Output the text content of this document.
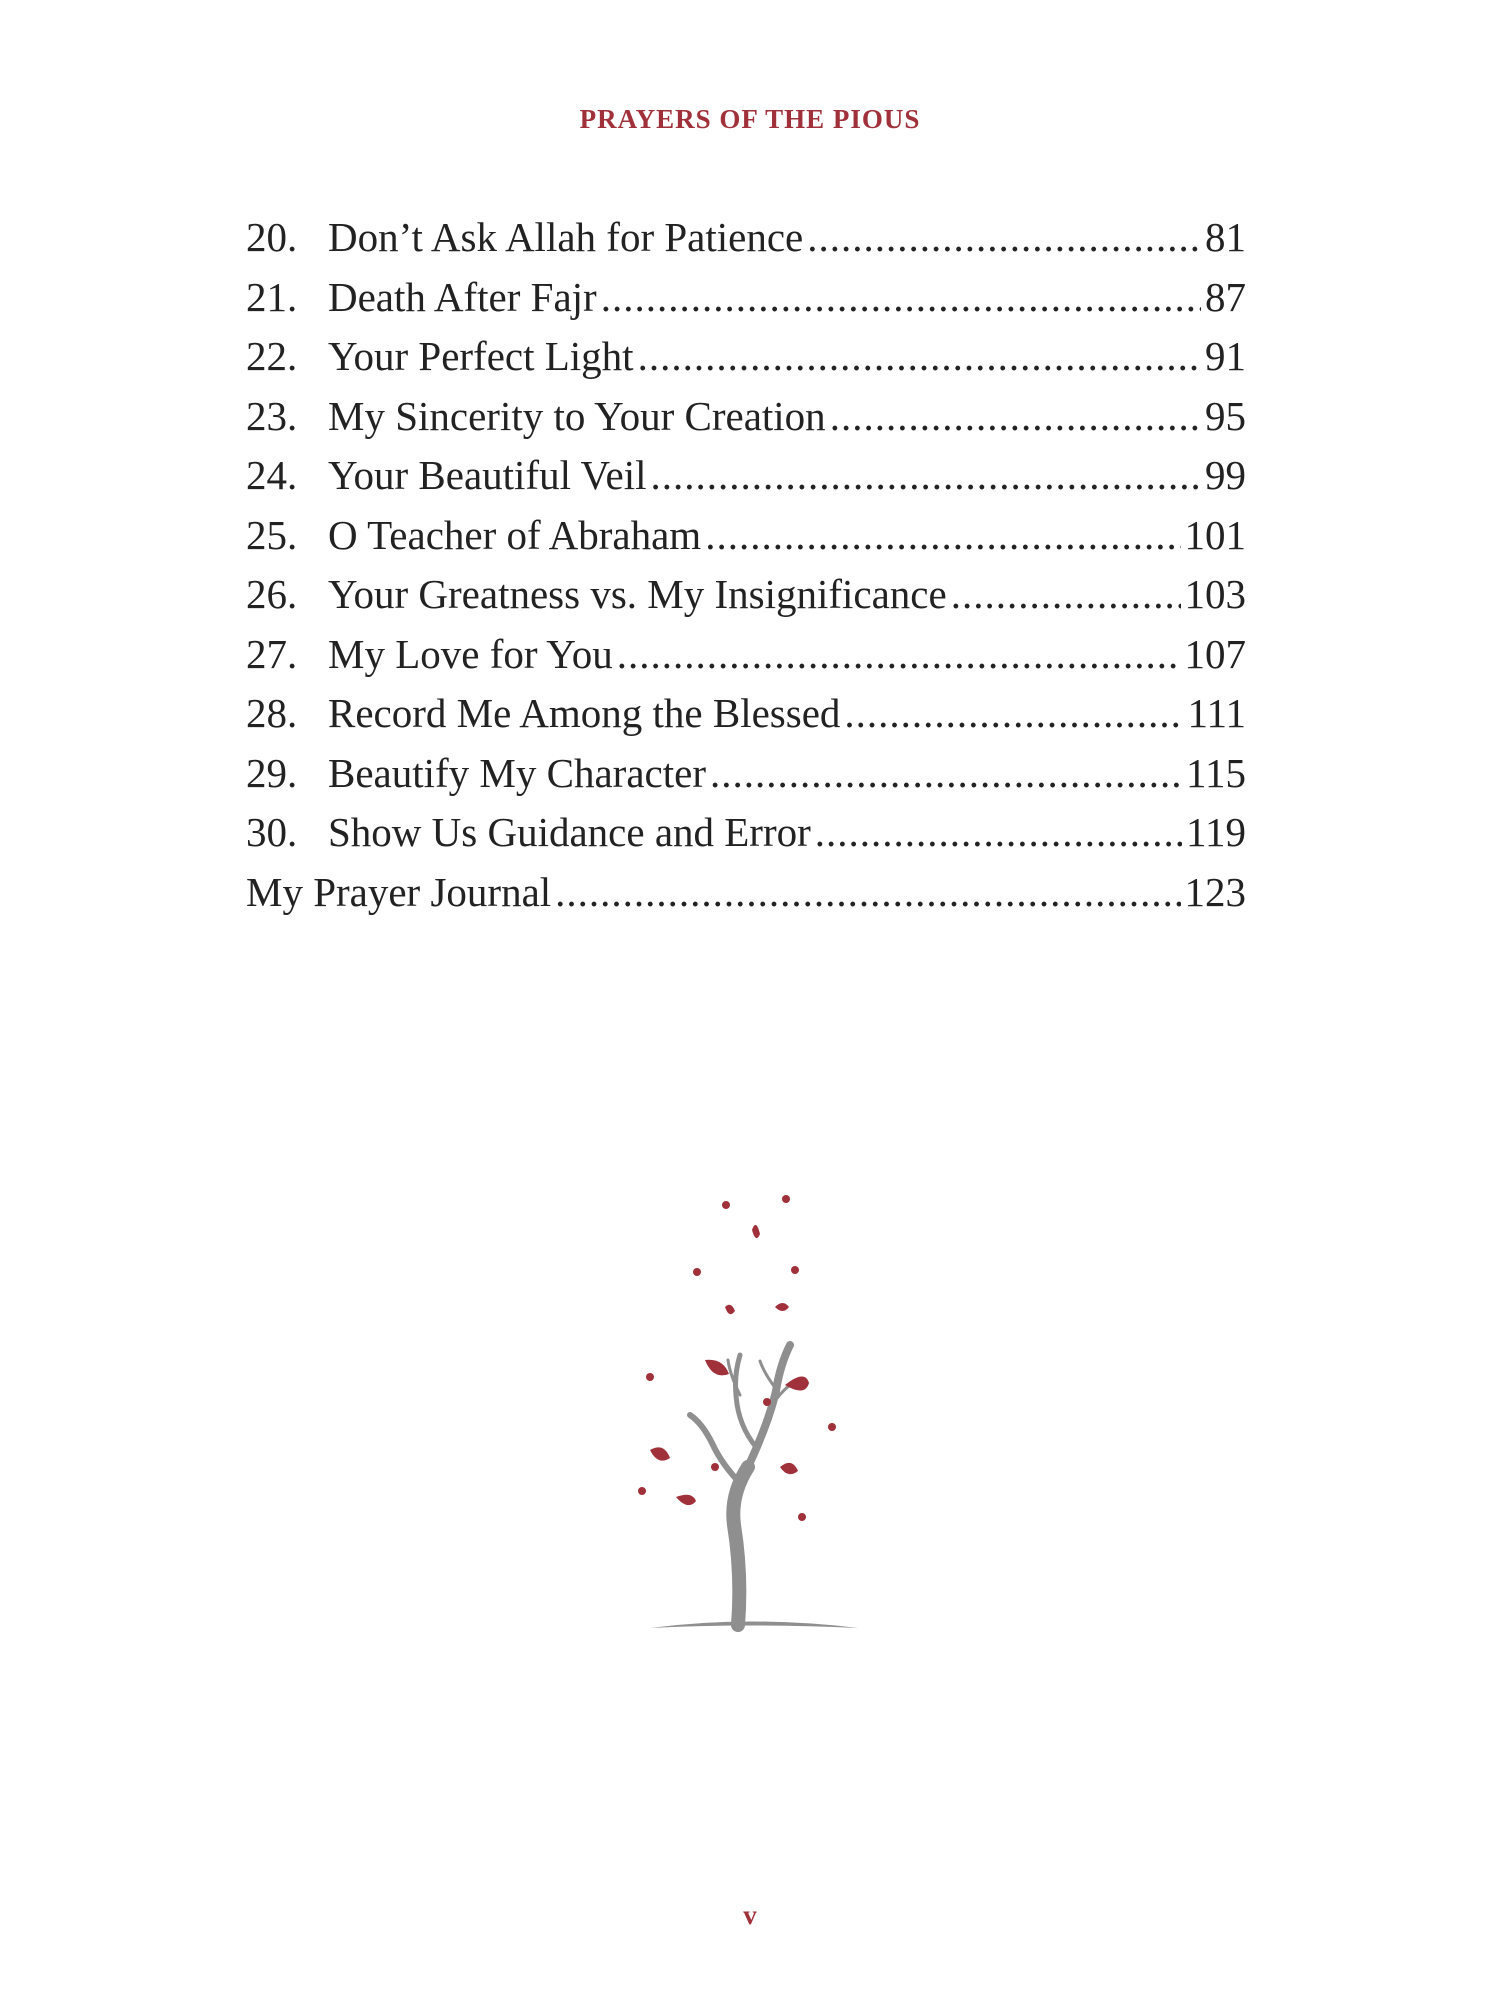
PRAYERS OF THE PIOUS
20. Don’t Ask Allah for Patience .....	81
21. Death After Fajr .....	87
22. Your Perfect Light .....	91
23. My Sincerity to Your Creation .....	95
24. Your Beautiful Veil .....	99
25. O Teacher of Abraham .....	101
26. Your Greatness vs. My Insignificance .....	103
27. My Love for You .....	107
28. Record Me Among the Blessed .....	111
29. Beautify My Character .....	115
30. Show Us Guidance and Error .....	119
My Prayer Journal .....	123
v
